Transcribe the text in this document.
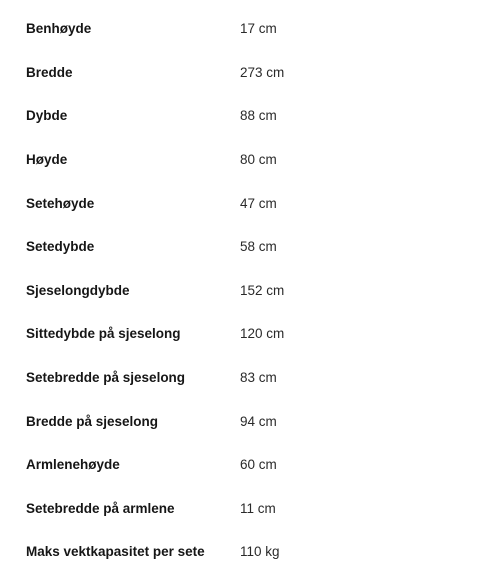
Benhøyde	17 cm
Bredde	273 cm
Dybde	88 cm
Høyde	80 cm
Setehøyde	47 cm
Setedybde	58 cm
Sjeselongdybde	152 cm
Sittedybde på sjeselong	120 cm
Setebredde på sjeselong	83 cm
Bredde på sjeselong	94 cm
Armlenehøyde	60 cm
Setebredde på armlene	11 cm
Maks vektkapasitet per sete	110 kg
